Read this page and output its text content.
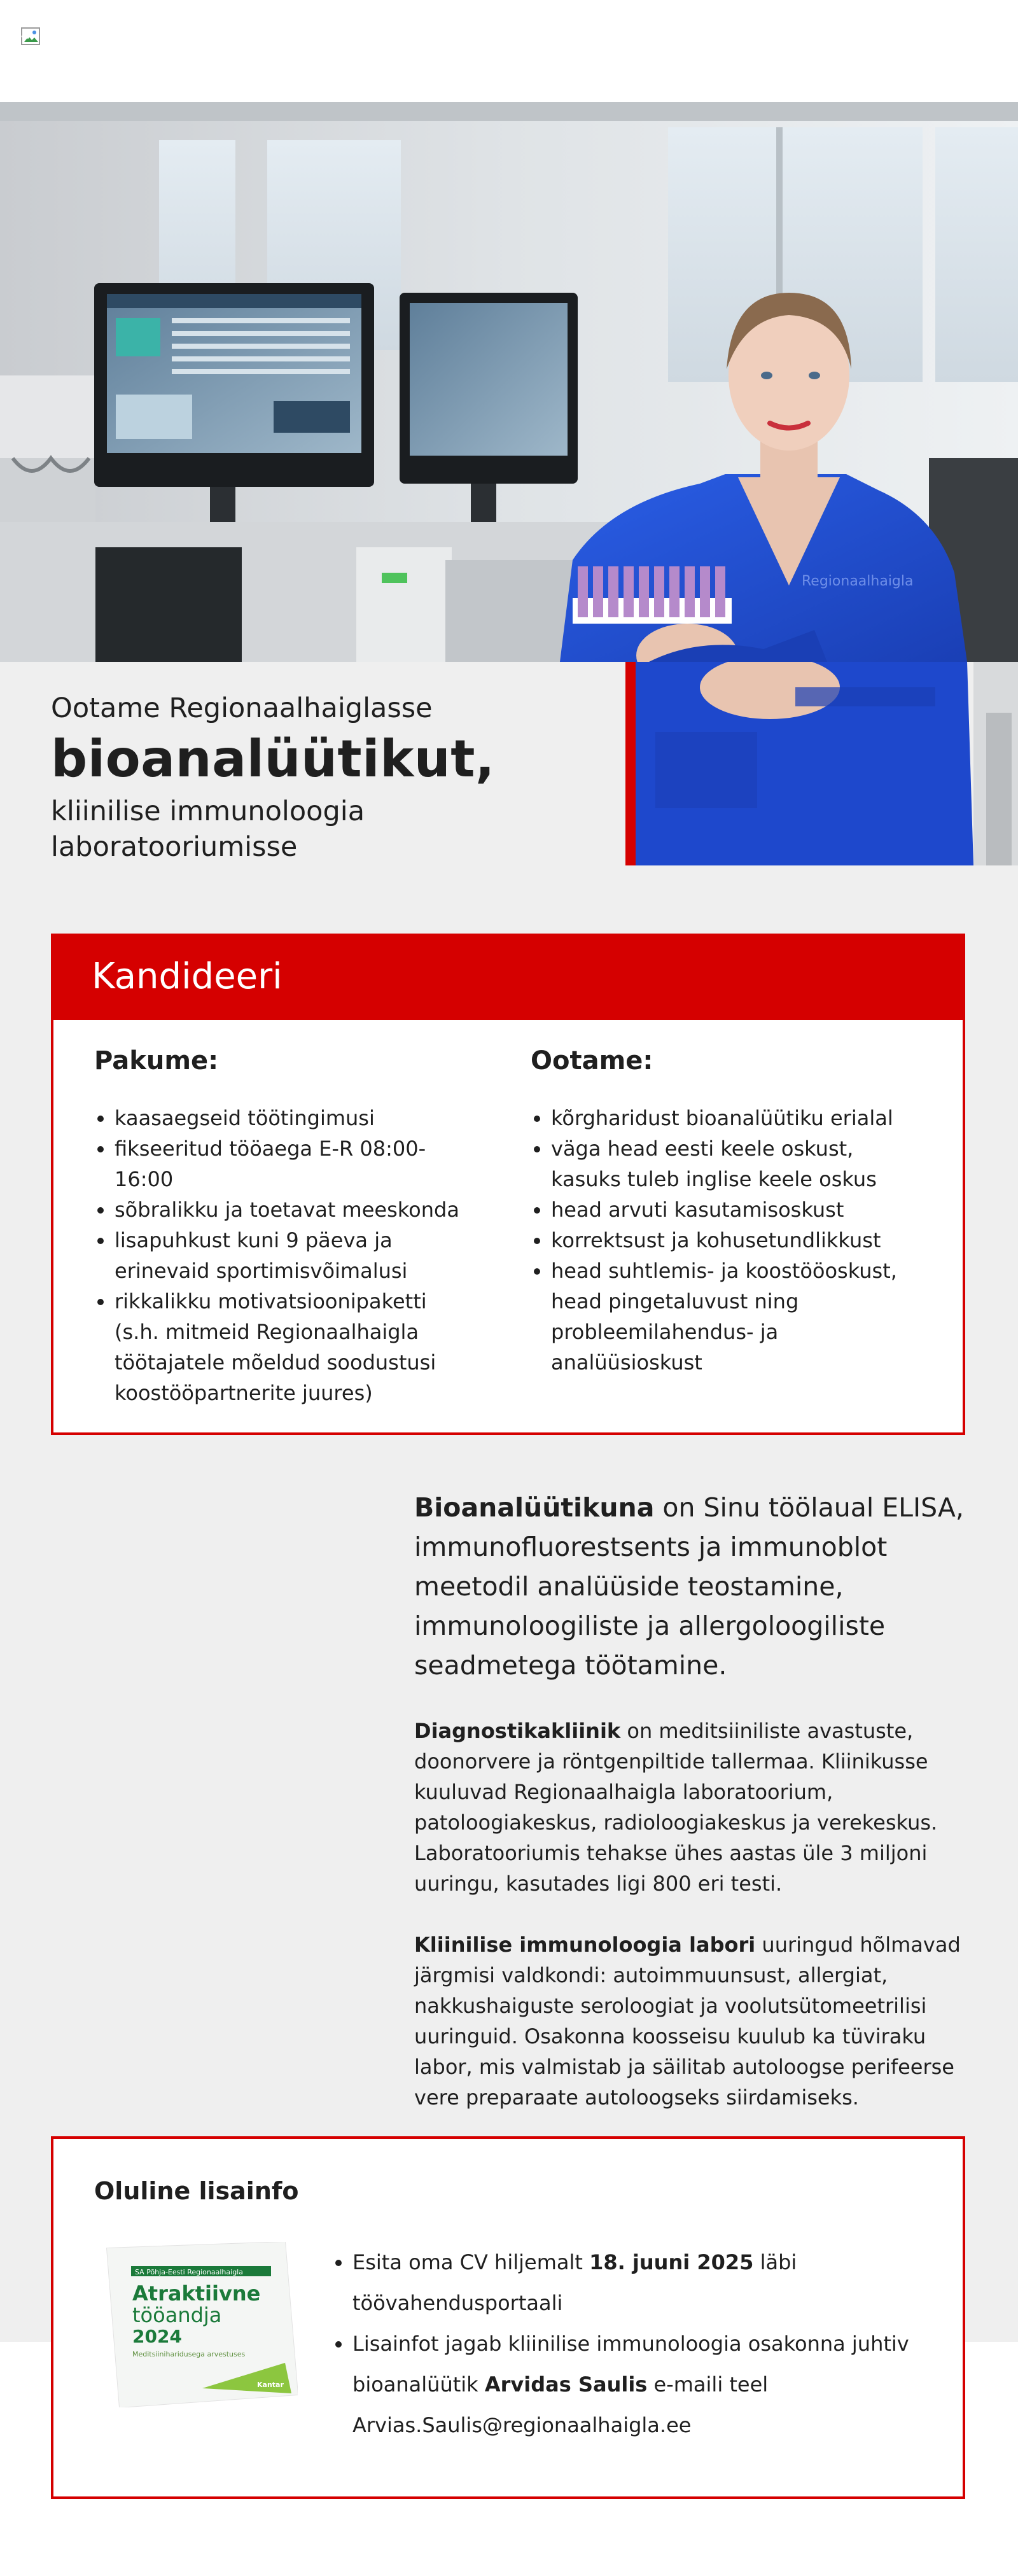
Regionaalhaigla
Ootame Regionaalhaiglasse
bioanalüütikut,
kliinilise immunoloogia laboratooriumisse
Kandideeri
Pakume:
• kaasaegseid töötingimusi
• fikseeritud tööaega E-R 08:00-16:00
• sõbralikku ja toetavat meeskonda
• lisapuhkust kuni 9 päeva ja erinevaid sportimisvõimalusi
• rikkalikku motivatsioonipaketti (s.h. mitmeid Regionaalhaigla töötajatele mõeldud soodustusi koostööpartnerite juures)
Ootame:
• kõrgharidust bioanalüütiku erialal
• väga head eesti keele oskust, kasuks tuleb inglise keele oskus
• head arvuti kasutamisoskust
• korrektsust ja kohusetundlikkust
• head suhtlemis- ja koostööoskust, head pingetaluvust ning probleemilahendus- ja analüüsioskust

Bioanalüütikuna on Sinu töölaual ELISA, immunofluorestsents ja immunoblot meetodil analüüside teostamine, immunoloogiliste ja allergoloogiliste seadmetega töötamine.

Diagnostikakliinik on meditsiiniliste avastuste, doonorvere ja röntgenpiltide tallermaa. Kliinikusse kuuluvad Regionaalhaigla laboratoorium, patoloogiakeskus, radioloogiakeskus ja verekeskus. Laboratooriumis tehakse ühes aastas üle 3 miljoni uuringu, kasutades ligi 800 eri testi.

Kliinilise immunoloogia labori uuringud hõlmavad järgmisi valdkondi: autoimmuunsust, allergiat, nakkushaiguste seroloogiat ja voolutsütomeetrilisi uuringuid. Osakonna koosseisu kuulub ka tüviraku labor, mis valmistab ja säilitab autoloogse perifeerse vere preparaate autoloogseks siirdamiseks.

Oluline lisainfo
SA Põhja-Eesti Regionaalhaigla
Atraktiivne
tööandja
2024
Meditsiiniharidusega arvestuses
Kantar
• Esita oma CV hiljemalt 18. juuni 2025 läbi töövahendusportaali
• Lisainfot jagab kliinilise immunoloogia osakonna juhtiv bioanalüütik Arvidas Saulis e-maili teel Arvias.Saulis@regionaalhaigla.ee
